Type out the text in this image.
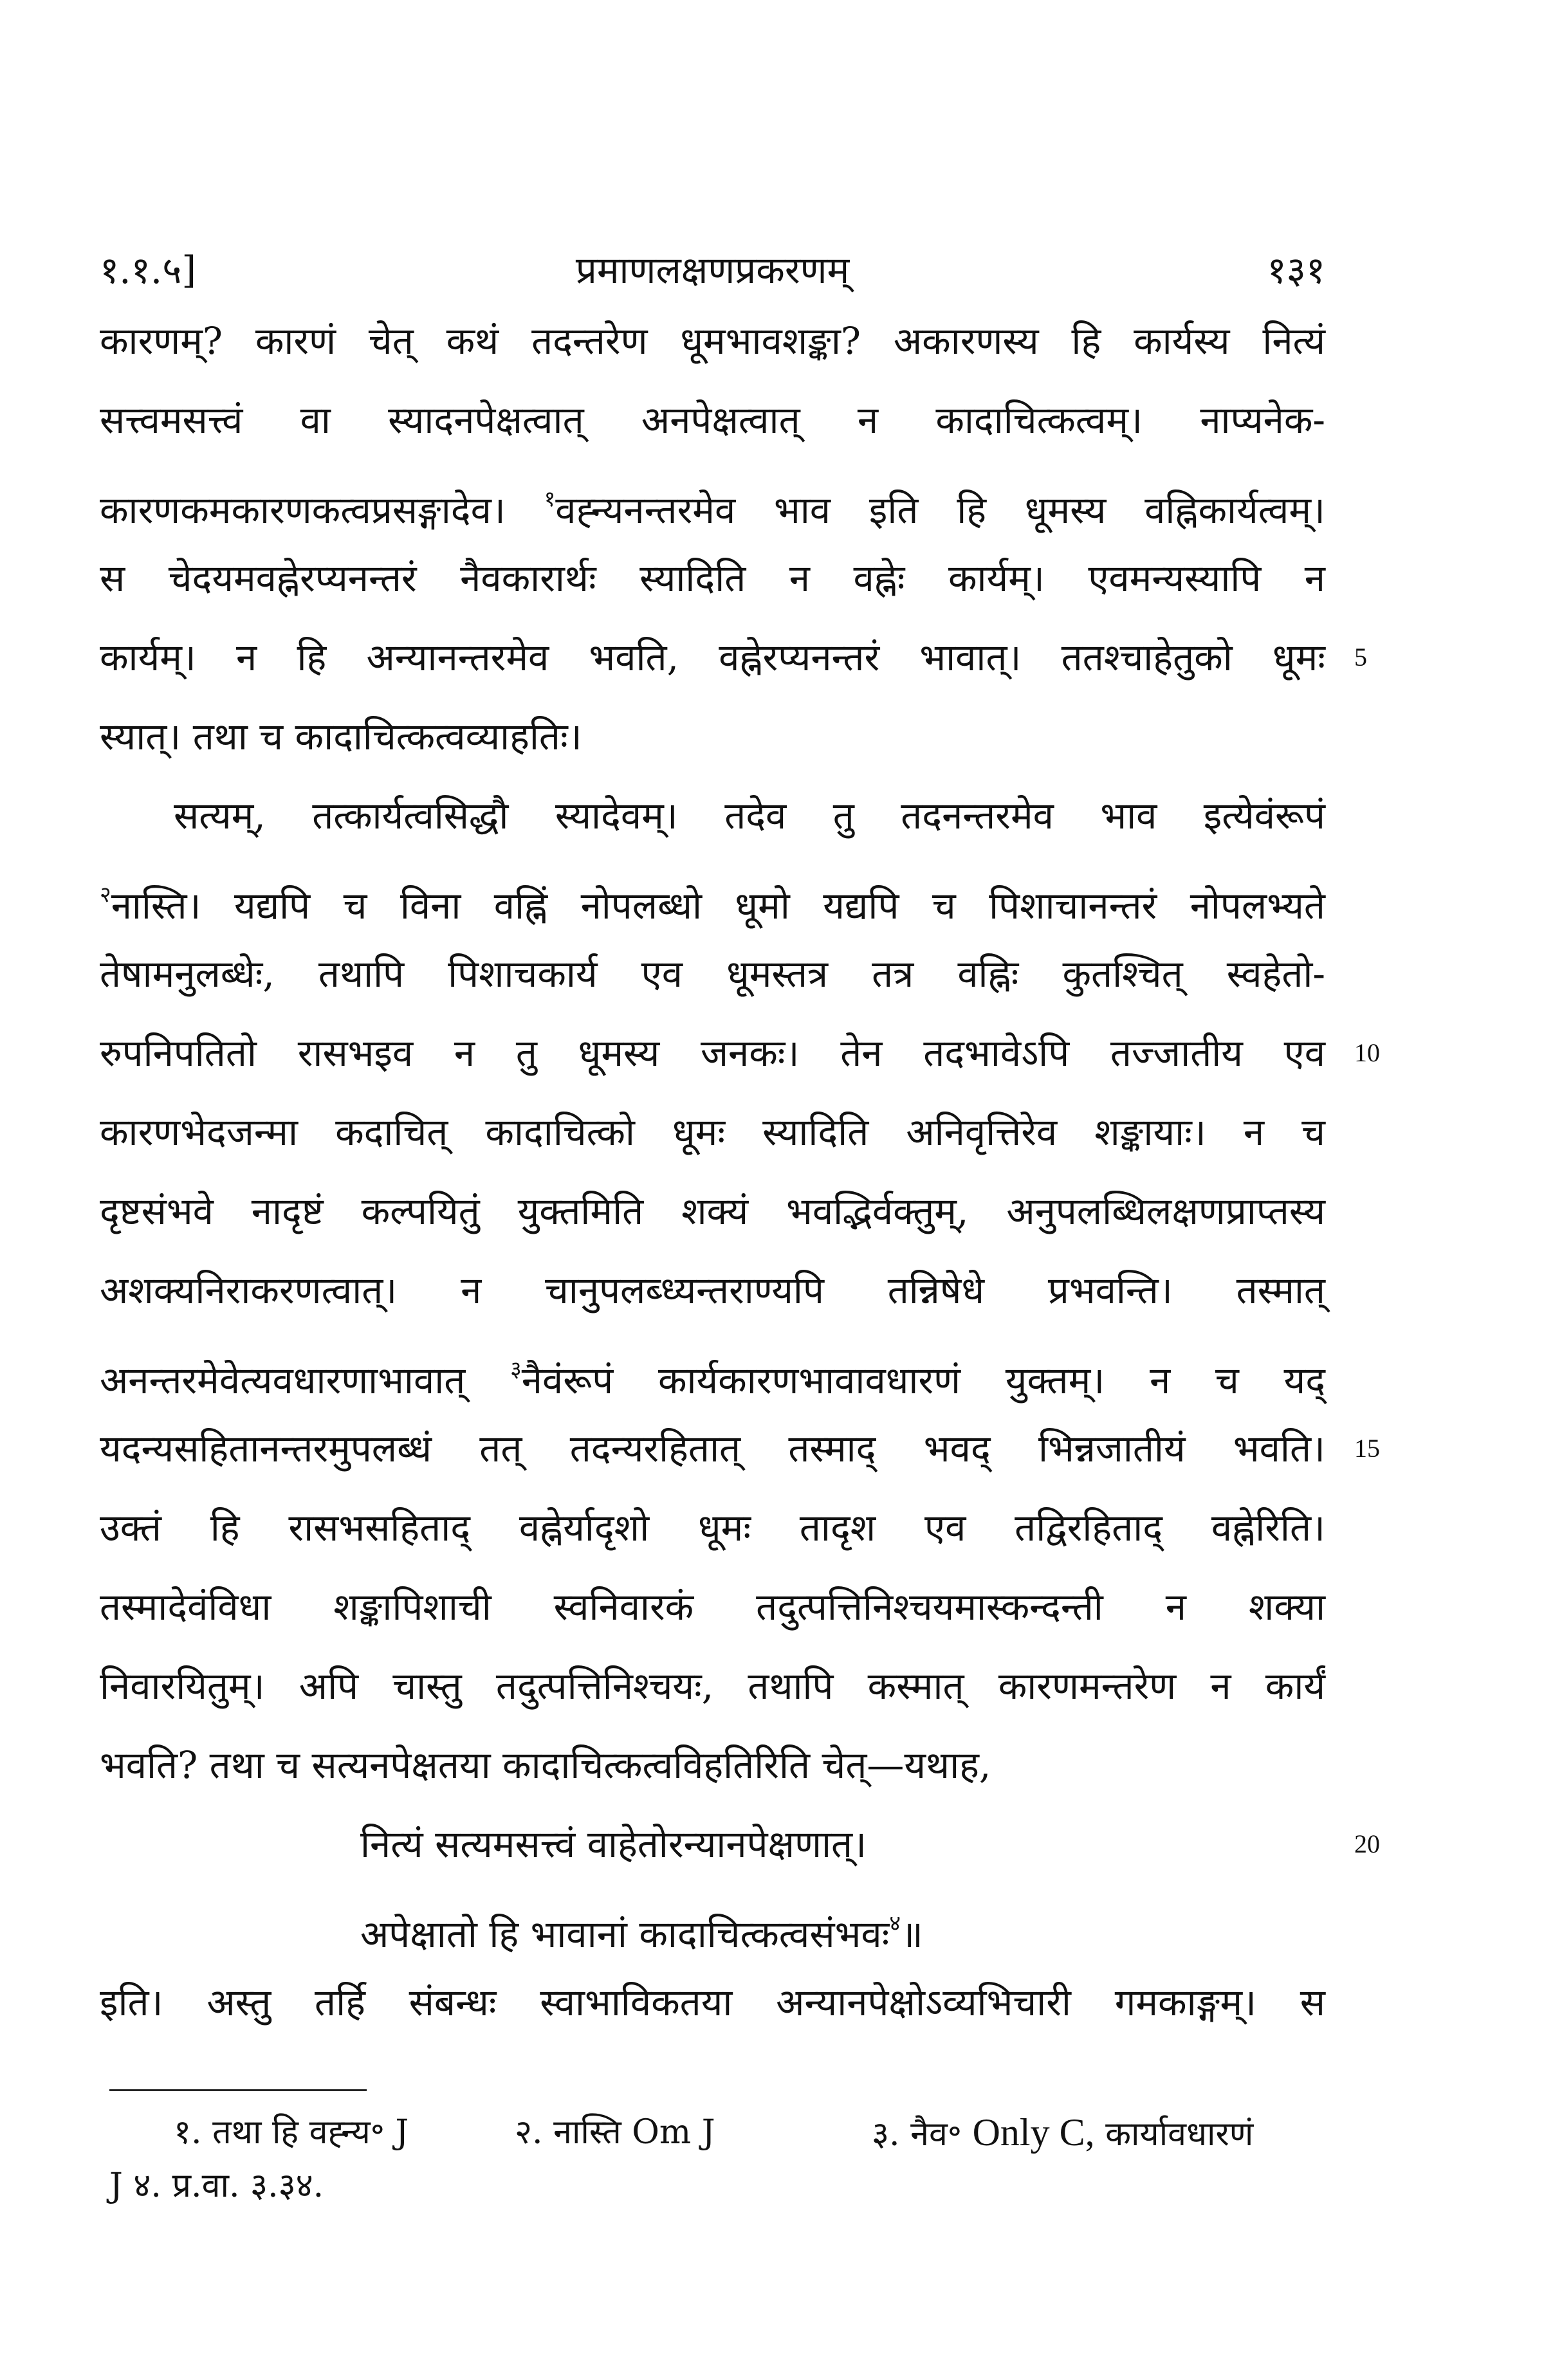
१.१.५]	प्रमाणलक्षणप्रकरणम्	१३१
कारणम्? कारणं चेत् कथं तदन्तरेण धूमभावशङ्का? अकारणस्य हि कार्यस्य नित्यं
सत्त्वमसत्त्वं वा स्यादनपेक्षत्वात् अनपेक्षत्वात् न कादाचित्कत्वम्। नाप्यनेक-
कारणकमकारणकत्वप्रसङ्गादेव। $^१$वह्न्यनन्तरमेव भाव इति हि धूमस्य वह्निकार्यत्वम्।
स चेदयमवह्नेरप्यनन्तरं नैवकारार्थः स्यादिति न वह्नेः कार्यम्। एवमन्यस्यापि न
कार्यम्। न हि अन्यानन्तरमेव भवति, वह्नेरप्यनन्तरं भावात्। ततश्चाहेतुको धूमः 5
स्यात्। तथा च कादाचित्कत्वव्याहतिः।
सत्यम्, तत्कार्यत्वसिद्धौ स्यादेवम्। तदेव तु तदनन्तरमेव भाव इत्येवंरूपं
$^२$नास्ति। यद्यपि च विना वह्निं नोपलब्धो धूमो यद्यपि च पिशाचानन्तरं नोपलभ्यते
तेषामनुलब्धेः, तथापि पिशाचकार्य एव धूमस्तत्र तत्र वह्निः कुतश्चित् स्वहेतो-
रुपनिपतितो रासभइव न तु धूमस्य जनकः। तेन तदभावेऽपि तज्जातीय एव 10
कारणभेदजन्मा कदाचित् कादाचित्को धूमः स्यादिति अनिवृत्तिरेव शङ्कायाः। न च
दृष्टसंभवे नादृष्टं कल्पयितुं युक्तमिति शक्यं भवद्भिर्वक्तुम्, अनुपलब्धिलक्षणप्राप्तस्य
अशक्यनिराकरणत्वात्। न चानुपलब्ध्यन्तराण्यपि तन्निषेधे प्रभवन्ति। तस्मात्
अनन्तरमेवेत्यवधारणाभावात् $^३$नैवंरूपं कार्यकारणभावावधारणं युक्तम्। न च यद्
यदन्यसहितानन्तरमुपलब्धं तत् तदन्यरहितात् तस्माद् भवद् भिन्नजातीयं भवति। 15
उक्तं हि रासभसहिताद् वह्नेर्यादृशो धूमः तादृश एव तद्विरहिताद् वह्नेरिति।
तस्मादेवंविधा शङ्कापिशाची स्वनिवारकं तदुत्पत्तिनिश्चयमास्कन्दन्ती न शक्या
निवारयितुम्। अपि चास्तु तदुत्पत्तिनिश्चयः, तथापि कस्मात् कारणमन्तरेण न कार्यं
भवति? तथा च सत्यनपेक्षतया कादाचित्कत्वविहतिरिति चेत्—यथाह,
नित्यं सत्यमसत्त्वं वाहेतोरन्यानपेक्षणात्।	20
अपेक्षातो हि भावानां कादाचित्कत्वसंभवः$^४$॥
इति। अस्तु तर्हि संबन्धः स्वाभाविकतया अन्यानपेक्षोऽव्यभिचारी गमकाङ्गम्। स
१. तथा हि वह्न्य॰ J	२. नास्ति Om J	३. नैव॰ Only C, कार्यावधारणं
J ४. प्र.वा. ३.३४.
